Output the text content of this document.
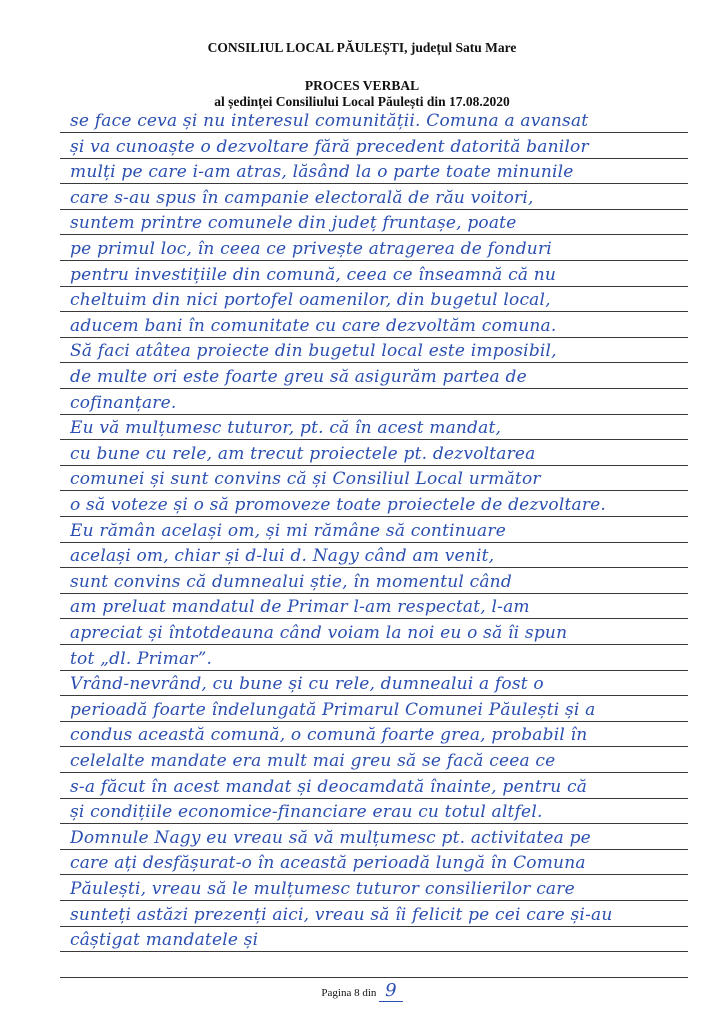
CONSILIUL LOCAL PĂULEȘTI, județul Satu Mare
PROCES VERBAL
al ședinței Consiliului Local Păulești din 17.08.2020
se face ceva și nu interesul comunității. Comuna a avansat
și va cunoaște o dezvoltare fără precedent datorită banilor
mulți pe care i-am atras, lăsând la o parte toate minunile
care s-au spus în campanie electorală de rău voitori,
suntem printre comunele din județ fruntașe, poate
pe primul loc, în ceea ce privește atragerea de fonduri
pentru investițiile din comună, ceea ce înseamnă că nu
cheltuim din nici portofel oamenilor, din bugetul local,
aducem bani în comunitate cu care dezvoltăm comuna.
Să faci atâtea proiecte din bugetul local este imposibil,
de multe ori este foarte greu să asigurăm partea de
cofinanțare.
Eu vă mulțumesc tuturor, pt. că în acest mandat,
cu bune cu rele, am trecut proiectele pt. dezvoltarea
comunei și sunt convins că și Consiliul Local următor
o să voteze și o să promoveze toate proiectele de dezvoltare.
Eu rămân același om, și mi rămâne să continuare
același om, chiar și d-lui d. Nagy când am venit,
sunt convins că dumnealui știe, în momentul când
am preluat mandatul de Primar l-am respectat, l-am
apreciat și întotdeauna când voiam la noi eu o să îi spun
tot „dl. Primar”.
Vrând-nevrând, cu bune și cu rele, dumnealui a fost o
perioadă foarte îndelungată Primarul Comunei Păulești și a
condus această comună, o comună foarte grea, probabil în
celelalte mandate era mult mai greu să se facă ceea ce
s-a făcut în acest mandat și deocamdată înainte, pentru că
și condițiile economice-financiare erau cu totul altfel.
Domnule Nagy eu vreau să vă mulțumesc pt. activitatea pe
care ați desfășurat-o în această perioadă lungă în Comuna
Păulești, vreau să le mulțumesc tuturor consilierilor care
sunteți astăzi prezenți aici, vreau să îi felicit pe cei care și-au
câștigat mandatele și
Pagina 8 din 9
